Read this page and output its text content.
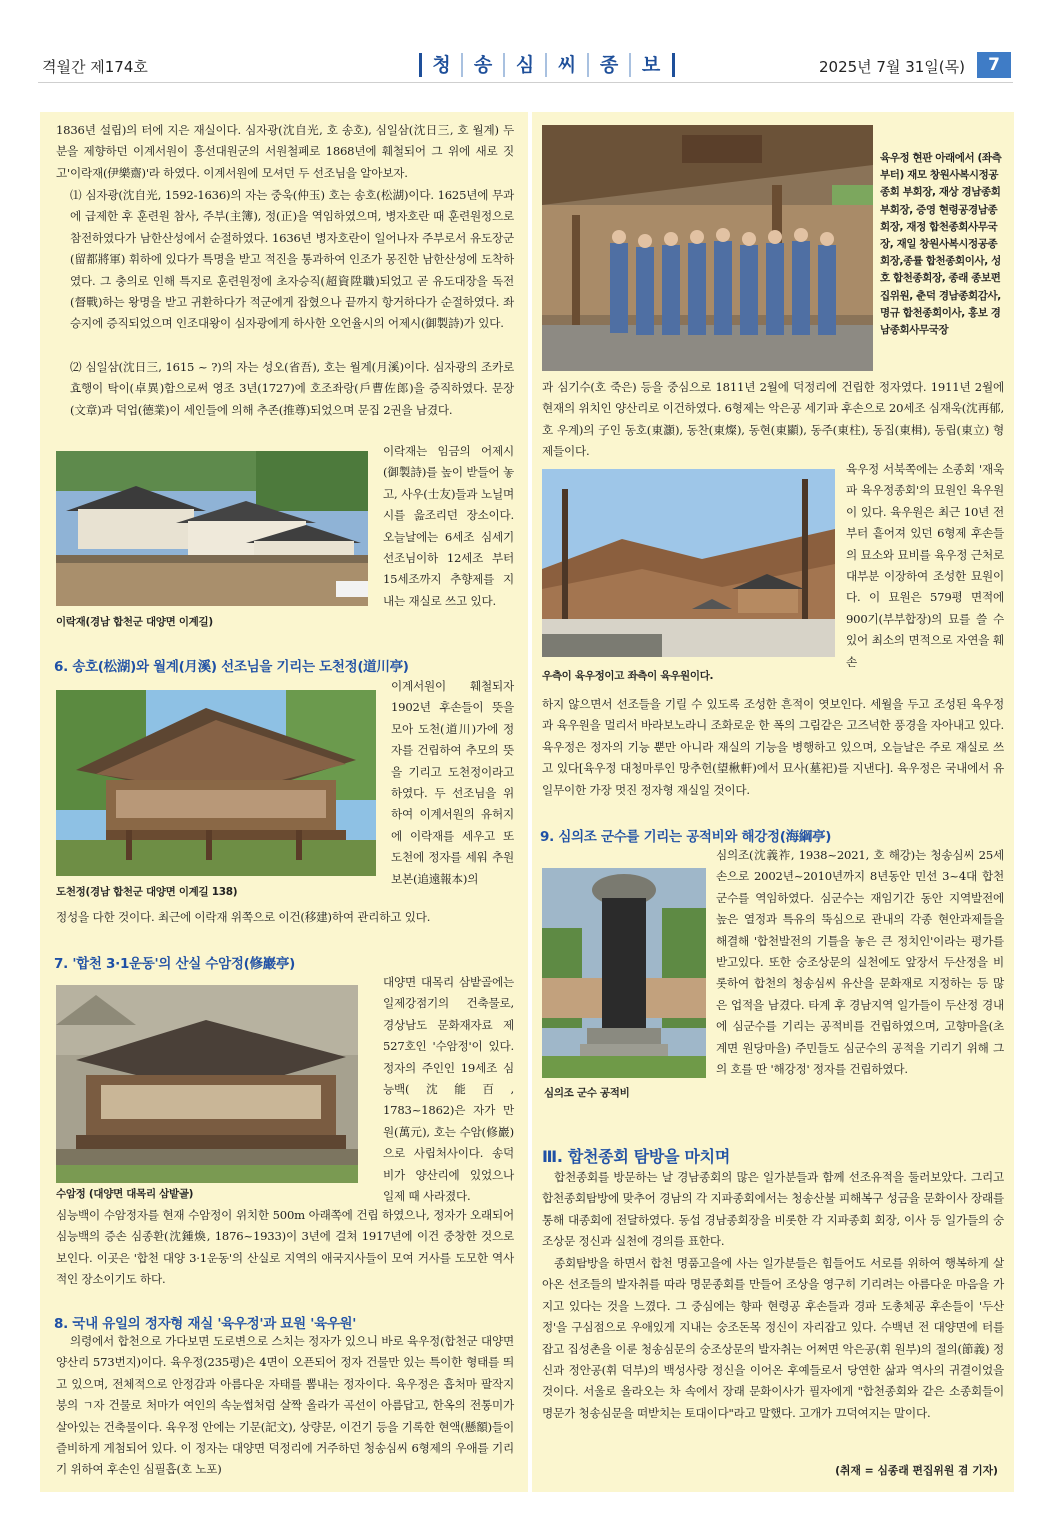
격월간 제174호	청	송	심	씨	종	보	2025년 7월 31일(목)	7
1836년 설립)의 터에 지은 재실이다. 심자광(沈自光, 호 송호), 심일삼(沈日三, 호 월계) 두 분을 제향하던 이계서원이 흥선대원군의 서원철폐로 1868년에 훼철되어 그 위에 새로 짓고'이락재(伊樂齋)'라 하였다. 이계서원에 모셔던 두 선조님을 알아보자.
⑴ 심자광(沈自光, 1592-1636)의 자는 중욱(仲玉) 호는 송호(松湖)이다. 1625년에 무과에 급제한 후 훈련원 참사, 주부(主簿), 정(正)을 역임하였으며, 병자호란 때 훈련원정으로 참전하였다가 남한산성에서 순절하였다. 1636년 병자호란이 일어나자 주부로서 유도장군(留都將軍) 휘하에 있다가 특명을 받고 적진을 통과하여 인조가 몽진한 남한산성에 도착하였다. 그 충의로 인해 특지로 훈련원정에 초자승직(超資陞職)되었고 곧 유도대장을 독전(督戰)하는 왕명을 받고 귀환하다가 적군에게 잡혔으나 끝까지 항거하다가 순절하였다. 좌승지에 증직되었으며 인조대왕이 심자광에게 하사한 오언율시의 어제시(御製詩)가 있다.
⑵ 심일삼(沈日三, 1615 ~ ?)의 자는 성오(省吾), 호는 월계(月溪)이다. 심자광의 조카로 효행이 탁이(卓異)함으로써 영조 3년(1727)에 호조좌랑(戶曹佐郎)을 증직하였다. 문장(文章)과 덕업(德業)이 세인들에 의해 추존(推尊)되었으며 문집 2권을 남겼다.
이락재(경남 합천군 대양면 이계길)
이락재는 임금의 어제시(御製詩)를 높이 받들어 놓고, 사우(士友)들과 노닐며 시를 읊조리던 장소이다. 오늘날에는 6세조 심세기 선조님이하 12세조 부터 15세조까지 추향제를 지내는 재실로 쓰고 있다.
6. 송호(松湖)와 월계(月溪) 선조님을 기리는 도천정(道川亭)
도천정(경남 합천군 대양면 이계길 138)
이계서원이 훼철되자 1902년 후손들이 뜻을 모아 도천(道川)가에 정자를 건립하여 추모의 뜻을 기리고 도천정이라고 하였다. 두 선조님을 위하여 이계서원의 유허지에 이락재를 세우고 또 도천에 정자를 세워 추원보본(追遠報本)의
정성을 다한 것이다. 최근에 이락재 위쪽으로 이건(移建)하여 관리하고 있다.
7. '합천 3·1운동'의 산실 수암정(修巖亭)
수암정 (대양면 대목리 삼밭골)
대양면 대목리 삼밭골에는 일제강점기의 건축물로, 경상남도 문화재자료 제527호인 '수암정'이 있다. 정자의 주인인 19세조 심능백(沈能百, 1783~1862)은 자가 만원(萬元), 호는 수암(修巖)으로 사립처사이다. 송덕비가 양산리에 있었으나 일제 때 사라졌다.
심능백이 수암정자를 현재 수암정이 위치한 500m 아래쪽에 건립 하였으나, 정자가 오래되어 심능백의 증손 심종환(沈鍾煥, 1876~1933)이 3년에 걸쳐 1917년에 이건 중창한 것으로 보인다. 이곳은 '합천 대양 3·1운동'의 산실로 지역의 애국지사들이 모여 거사를 도모한 역사적인 장소이기도 하다.
8. 국내 유일의 정자형 재실 '육우정'과 묘원 '육우원'
의령에서 합천으로 가다보면 도로변으로 스치는 정자가 있으니 바로 육우정(합천군 대양면 양산리 573번지)이다. 육우정(235평)은 4면이 오픈되어 정자 건물만 있는 특이한 형태를 띄고 있으며, 전체적으로 안정감과 아름다운 자태를 뽐내는 정자이다. 육우정은 흡처마 팔작지붕의 ㄱ자 건물로 처마가 여인의 속눈썹처럼 살짝 올라가 곡선이 아름답고, 한옥의 전통미가 살아있는 건축물이다. 육우정 안에는 기문(記文), 상량문, 이건기 등을 기록한 현액(懸額)들이 즐비하게 게첨되어 있다. 이 정자는 대양면 덕정리에 거주하던 청송심씨 6형제의 우애를 기리기 위하여 후손인 심필흡(호 노포)
육우정 현판 아래에서 (좌측부터) 재모 창원사복시정공종회 부회장, 재상 경남종회부회장, 증영 현령공경남종회장, 재정 합천종회사무국장, 재일 창원사복시정공종회장,종률 합천종회이사, 성호 합천종회장, 종래 종보편집위원, 춘덕 경남종회감사, 명규 합천종회이사, 홍보 경남종회사무국장
과 심기수(호 죽은) 등을 중심으로 1811년 2월에 덕정리에 건립한 정자였다. 1911년 2월에 현재의 위치인 양산리로 이건하였다. 6형제는 악은공 세기파 후손으로 20세조 심재욱(沈再郁, 호 우계)의 子인 동호(東灝), 동찬(東燦), 동현(東顯), 동주(東柱), 동집(東楫), 동립(東立) 형제들이다.
우측이 육우정이고 좌측이 육우원이다.
육우정 서북쪽에는 소종회 '재욱파 육우정종회'의 묘원인 육우원이 있다. 육우원은 최근 10년 전부터 흩어져 있던 6형제 후손들의 묘소와 묘비를 육우정 근처로 대부분 이장하여 조성한 묘원이다. 이 묘원은 579평 면적에 900기(부부합장)의 묘를 쓸 수 있어 최소의 면적으로 자연을 훼손
하지 않으면서 선조들을 기릴 수 있도록 조성한 흔적이 엿보인다. 세월을 두고 조성된 육우정과 육우원을 멀리서 바라보노라니 조화로운 한 폭의 그림같은 고즈넉한 풍경을 자아내고 있다. 육우정은 정자의 기능 뿐만 아니라 재실의 기능을 병행하고 있으며, 오늘날은 주로 재실로 쓰고 있다[육우정 대청마루인 망추헌(望楸軒)에서 묘사(墓祀)를 지낸다]. 육우정은 국내에서 유일무이한 가장 멋진 정자형 재실일 것이다.
9. 심의조 군수를 기리는 공적비와 해강정(海綱亭)
심의조 군수 공적비
심의조(沈義祚, 1938~2021, 호 해강)는 청송심씨 25세손으로 2002년~2010년까지 8년동안 민선 3~4대 합천군수를 역임하였다. 심군수는 재임기간 동안 지역발전에 높은 열정과 특유의 뚝심으로 관내의 각종 현안과제들을 해결해 '합천발전의 기틀을 놓은 큰 정치인'이라는 평가를 받고있다. 또한 숭조상문의 실천에도 앞장서 두산정을 비롯하여 합천의 청송심씨 유산을 문화재로 지정하는 등 많은 업적을 남겼다. 타계 후 경남지역 일가들이 두산정 경내에 심군수를 기리는 공적비를 건립하였으며, 고향마을(초계면 원당마을) 주민들도 심군수의 공적을 기리기 위해 그의 호를 딴 '해강정' 정자를 건립하였다.
Ⅲ. 합천종회 탐방을 마치며
합천종회를 방문하는 날 경남종회의 많은 일가분들과 함께 선조유적을 둘러보았다. 그리고 합천종회탐방에 맞추어 경남의 각 지파종회에서는 청송산불 피해복구 성금을 문화이사 장래를 통해 대종회에 전달하였다. 동섭 경남종회장을 비롯한 각 지파종회 회장, 이사 등 일가들의 숭조상문 정신과 실천에 경의를 표한다.
종회탐방을 하면서 합천 명품고을에 사는 일가분들은 힘들어도 서로를 위하여 행복하게 살아온 선조들의 발자취를 따라 명문종회를 만들어 조상을 영구히 기리려는 아름다운 마음을 가지고 있다는 것을 느꼈다. 그 중심에는 향파 현령공 후손들과 경파 도총체공 후손들이 '두산정'을 구심점으로 우애있게 지내는 숭조돈목 정신이 자리잡고 있다. 수백년 전 대양면에 터를 잡고 집성촌을 이룬 청송심문의 숭조상문의 발자취는 어쩌면 악은공(휘 원부)의 절의(節義) 정신과 정안공(휘 덕부)의 백성사랑 정신을 이어온 후예들로서 당연한 삶과 역사의 귀결이었을 것이다. 서울로 올라오는 차 속에서 장래 문화이사가 필자에게 "합천종회와 같은 소종회들이 명문가 청송심문을 떠받치는 토대이다"라고 말했다. 고개가 끄덕여지는 말이다.
(취재 = 심종래 편집위원 겸 기자)
